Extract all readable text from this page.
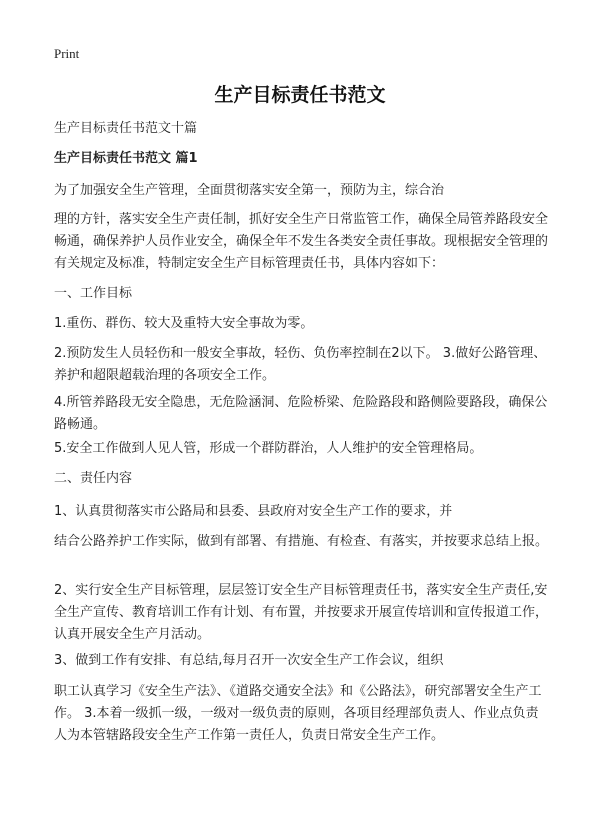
Print
生产目标责任书范文
生产目标责任书范文十篇
生产目标责任书范文 篇1
为了加强安全生产管理，全面贯彻落实安全第一，预防为主，综合治
理的方针，落实安全生产责任制，抓好安全生产日常监管工作，确保全局管养路段安全畅通，确保养护人员作业安全，确保全年不发生各类安全责任事故。现根据安全管理的有关规定及标准，特制定安全生产目标管理责任书，具体内容如下：
一、工作目标
1.重伤、群伤、较大及重特大安全事故为零。
2.预防发生人员轻伤和一般安全事故，轻伤、负伤率控制在2以下。 3.做好公路管理、养护和超限超载治理的各项安全工作。
4.所管养路段无安全隐患，无危险涵洞、危险桥梁、危险路段和路侧险要路段，确保公路畅通。
5.安全工作做到人见人管，形成一个群防群治，人人维护的安全管理格局。
二、责任内容
1、认真贯彻落实市公路局和县委、县政府对安全生产工作的要求，并
结合公路养护工作实际，做到有部署、有措施、有检查、有落实，并按要求总结上报。
2、实行安全生产目标管理，层层签订安全生产目标管理责任书，落实安全生产责任,安全生产宣传、教育培训工作有计划、有布置，并按要求开展宣传培训和宣传报道工作，认真开展安全生产月活动。
3、做到工作有安排、有总结,每月召开一次安全生产工作会议，组织
职工认真学习《安全生产法》、《道路交通安全法》和《公路法》，研究部署安全生产工作。 3.本着一级抓一级，一级对一级负责的原则，各项目经理部负责人、作业点负责人为本管辖路段安全生产工作第一责任人，负责日常安全生产工作。
